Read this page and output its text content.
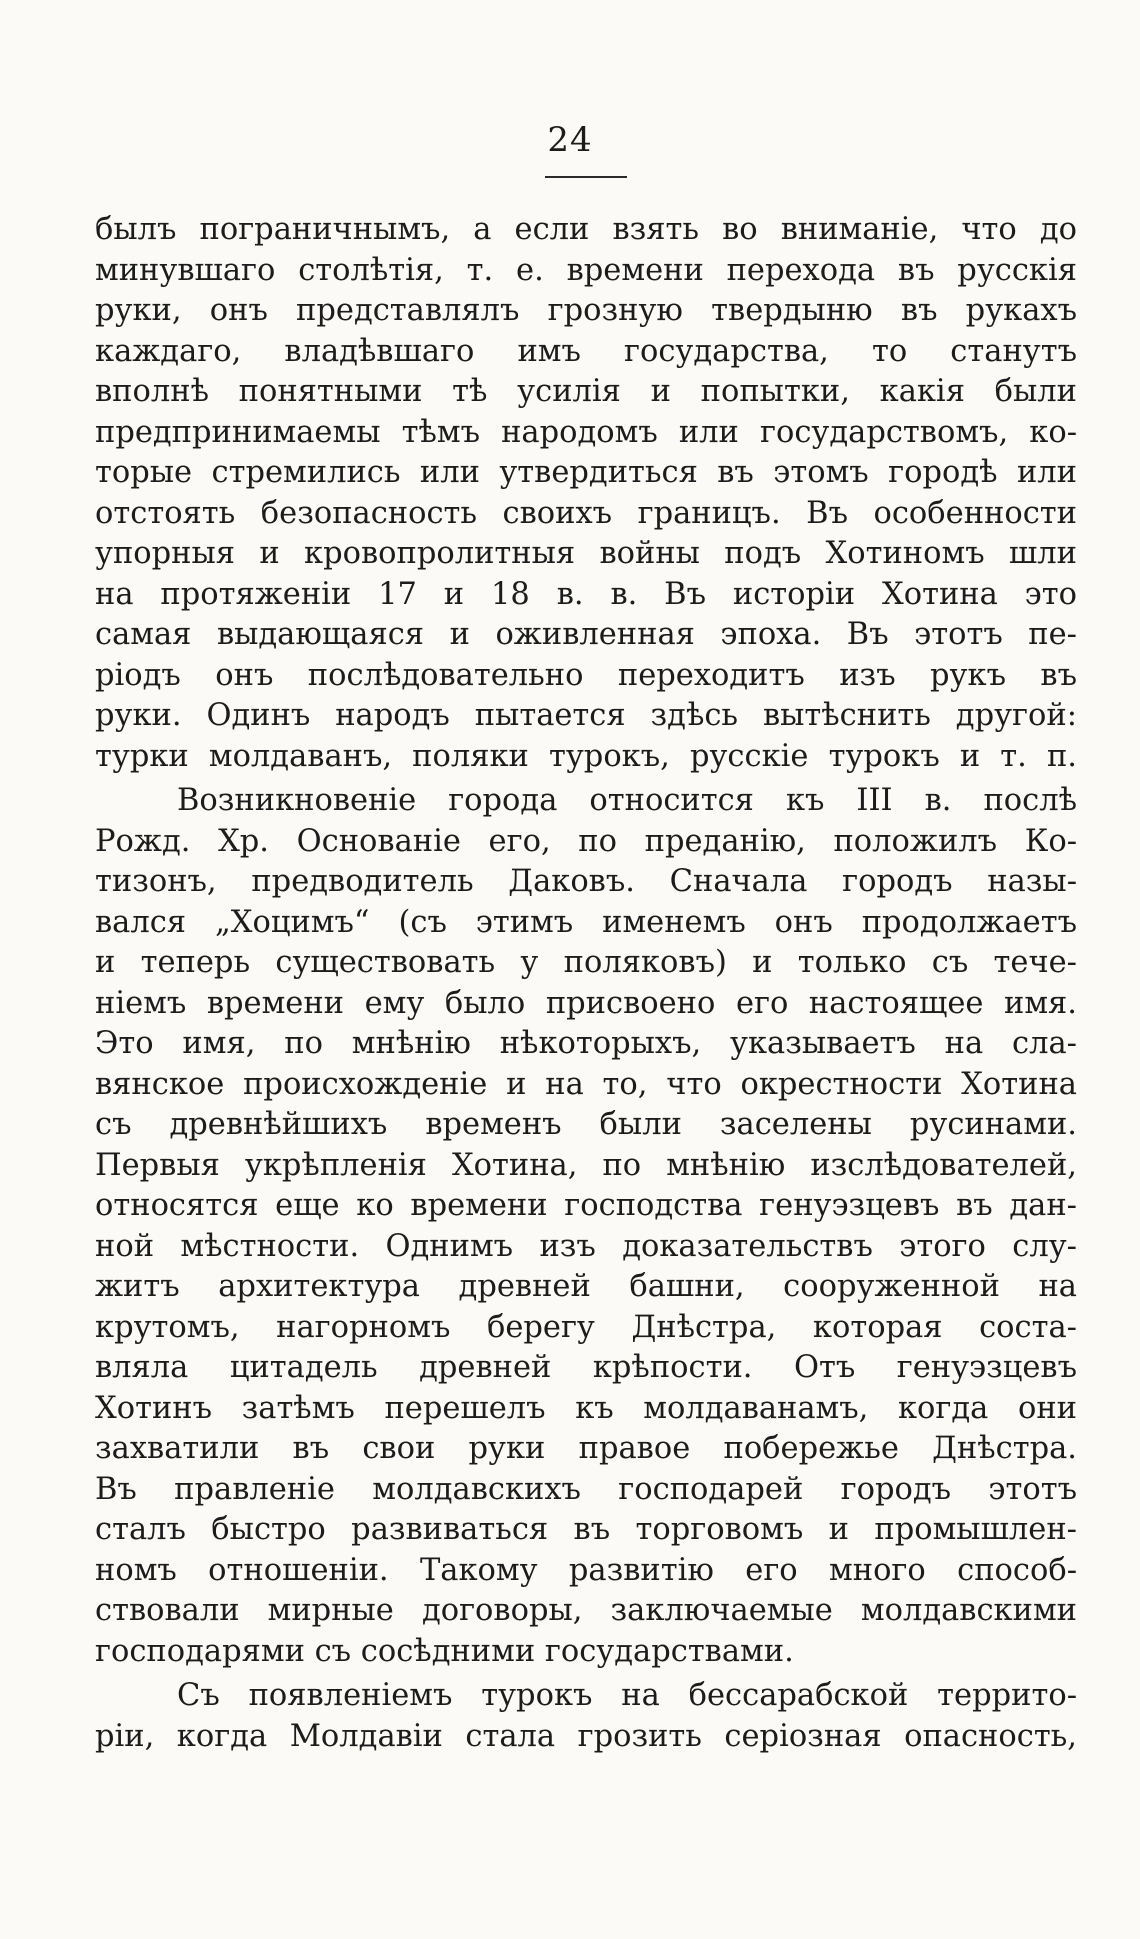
24
былъ пограничнымъ, а если взять во вниманіе, что до
минувшаго столѣтія, т. е. времени перехода въ русскія
руки, онъ представлялъ грозную твердыню въ рукахъ
каждаго, владѣвшаго имъ государства, то станутъ
вполнѣ понятными тѣ усилія и попытки, какія были
предпринимаемы тѣмъ народомъ или государствомъ, ко-
торые стремились или утвердиться въ этомъ городѣ или
отстоять безопасность своихъ границъ. Въ особенности
упорныя и кровопролитныя войны подъ Хотиномъ шли
на протяженіи 17 и 18 в. в. Въ исторіи Хотина это
самая выдающаяся и оживленная эпоха. Въ этотъ пе-
ріодъ онъ послѣдовательно переходитъ изъ рукъ въ
руки. Одинъ народъ пытается здѣсь вытѣснить другой:
турки молдаванъ, поляки турокъ, русскіе турокъ и т. п.
Возникновеніе города относится къ III в. послѣ
Рожд. Хр. Основаніе его, по преданію, положилъ Ко-
тизонъ, предводитель Даковъ. Сначала городъ назы-
вался „Хоцимъ“ (съ этимъ именемъ онъ продолжаетъ
и теперь существовать у поляковъ) и только съ тече-
ніемъ времени ему было присвоено его настоящее имя.
Это имя, по мнѣнію нѣкоторыхъ, указываетъ на сла-
вянское происхожденіе и на то, что окрестности Хотина
съ древнѣйшихъ временъ были заселены русинами.
Первыя укрѣпленія Хотина, по мнѣнію изслѣдователей,
относятся еще ко времени господства генуэзцевъ въ дан-
ной мѣстности. Однимъ изъ доказательствъ этого слу-
житъ архитектура древней башни, сооруженной на
крутомъ, нагорномъ берегу Днѣстра, которая соста-
вляла цитадель древней крѣпости. Отъ генуэзцевъ
Хотинъ затѣмъ перешелъ къ молдаванамъ, когда они
захватили въ свои руки правое побережье Днѣстра.
Въ правленіе молдавскихъ господарей городъ этотъ
сталъ быстро развиваться въ торговомъ и промышлен-
номъ отношеніи. Такому развитію его много способ-
ствовали мирные договоры, заключаемые молдавскими
господарями съ сосѣдними государствами.
Съ появленіемъ турокъ на бессарабской террито-
ріи, когда Молдавіи стала грозить серіозная опасность,
